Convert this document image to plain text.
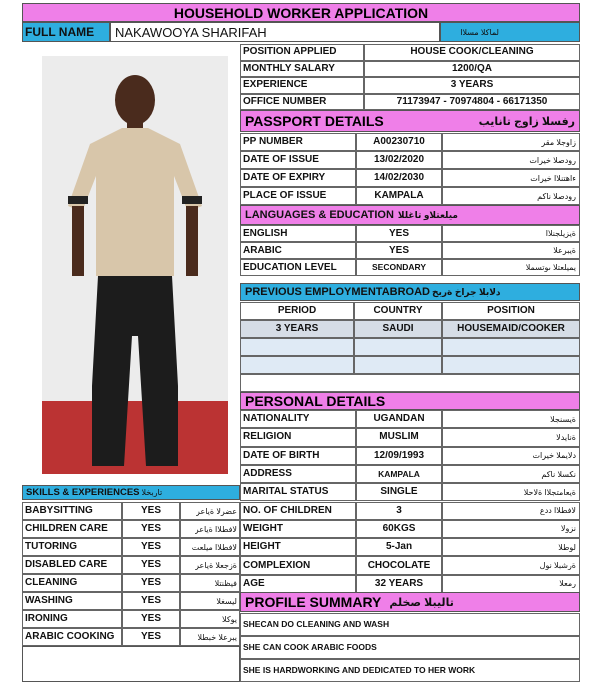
HOUSEHOLD WORKER APPLICATION
FULL NAME NAKAWOOYA SHARIFAH	لماكلا مسلاا
POSITION APPLIED	HOUSE COOK/CLEANING
MONTHLY SALARY	1200/QA
EXPERIENCE	3 YEARS
OFFICE NUMBER	71173947 - 70974804 - 66171350
PASSPORT DETAILS	رفسلا زاوج تانايب
PP NUMBER	A00230710	زاوجلا مقر
DATE OF ISSUE	13/02/2020	رودصلا خيرات
DATE OF EXPIRY	14/02/2030	ءاهتنلاا خيرات
PLACE OF ISSUE	KAMPALA	رودصلا ناكم
LANGUAGES & EDUCATION ميلعتلاو تاغللا
ENGLISH	YES	ةيزيلجنلاا
ARABIC	YES	ةيبرعلا
EDUCATION LEVEL	SECONDARY	يميلعتلا ىوتسملا
PREVIOUS EMPLOYMENTABROAD دلابلا جراخ ةربخ
PERIOD	COUNTRY	POSITION
3 YEARS	SAUDI	HOUSEMAID/COOKER
PERSONAL DETAILS
NATIONALITY	UGANDAN	ةيسنجلا
RELIGION	MUSLIM	ةنايدلا
DATE OF BIRTH	12/09/1993	دلايملا خيرات
ADDRESS	KAMPALA	نكسلا ناكم
MARITAL STATUS	SINGLE	ةيعامتجلاا ةلاحلا
NO. OF CHILDREN	3	لافطلاا ددع
WEIGHT	60KGS	نزولا
HEIGHT	5-Jan	لوطلا
COMPLEXION	CHOCOLATE	ةرشبلا نول
AGE	32 YEARS	رمعلا
SKILLS & EXPERIENCES تاربخلا
BABYSITTING	YES	عضرلا ةياعر
CHILDREN CARE	YES	لافطلاا ةياعر
TUTORING	YES	لافطلاا ميلعت
DISABLED CARE	YES	ةزجعلا ةياعر
CLEANING	YES	فيظنتلا
WASHING	YES	ليسغلا
IRONING	YES	يوكلا
ARABIC COOKING	YES	يبرعلا خبطلا
PROFILE SUMMARY تاليبلا صخلم
SHECAN DO CLEANING AND WASH
SHE CAN COOK ARABIC FOODS
SHE IS HARDWORKING AND DEDICATED TO HER WORK
